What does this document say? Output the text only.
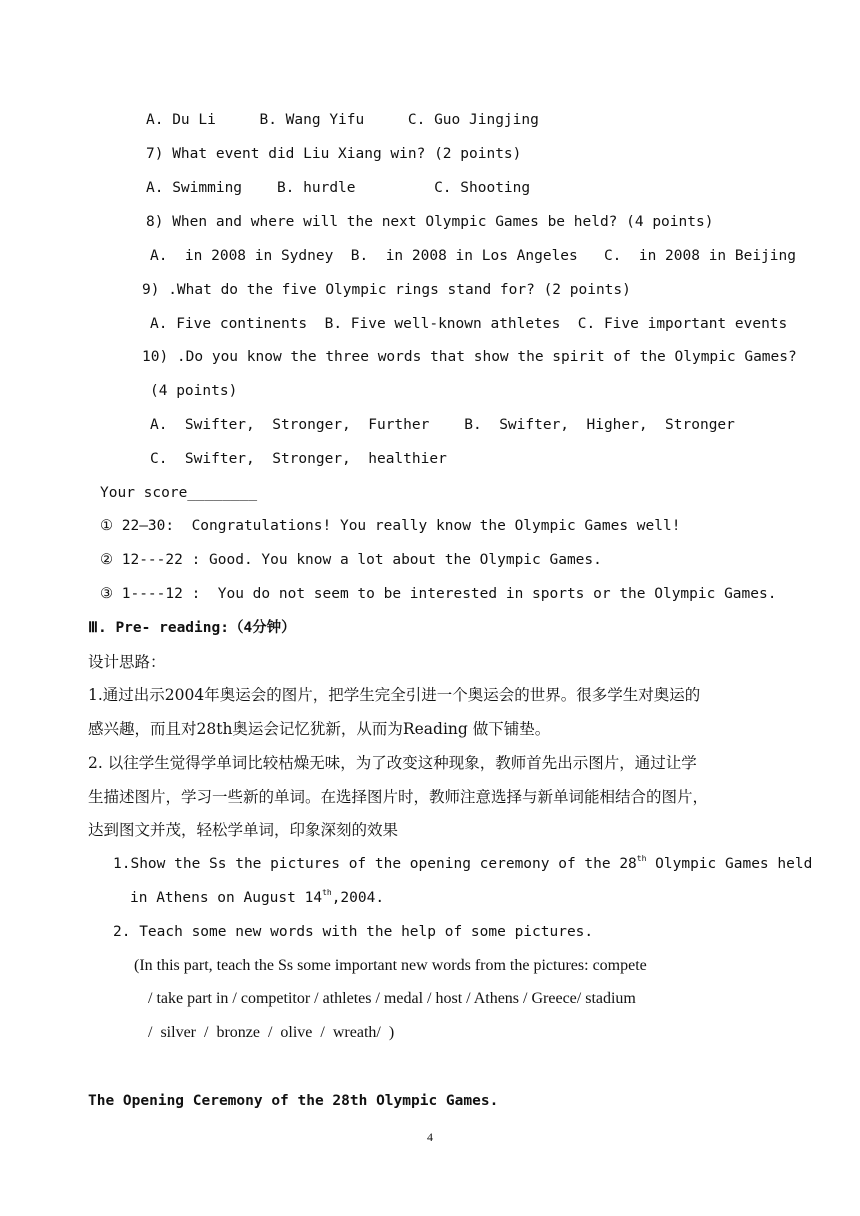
A. Du Li     B. Wang Yifu     C. Guo Jingjing
7) What event did Liu Xiang win? (2 points)
A. Swimming    B. hurdle         C. Shooting
8) When and where will the next Olympic Games be held? (4 points)
A.  in 2008 in Sydney  B.  in 2008 in Los Angeles   C.  in 2008 in Beijing
9) .What do the five Olympic rings stand for? (2 points)
A. Five continents  B. Five well-known athletes  C. Five important events
10) .Do you know the three words that show the spirit of the Olympic Games?
(4 points)
A.  Swifter,  Stronger,  Further    B.  Swifter,  Higher,  Stronger
C.  Swifter,  Stronger,  healthier
Your score________
① 22—30:  Congratulations! You really know the Olympic Games well!
② 12---22 : Good. You know a lot about the Olympic Games.
③ 1----12 :  You do not seem to be interested in sports or the Olympic Games.
Ⅲ. Pre- reading:（4分钟）
设计思路：
1.通过出示2004年奥运会的图片，把学生完全引进一个奥运会的世界。很多学生对奥运的
感兴趣，而且对28th奥运会记忆犹新，从而为Reading 做下铺垫。
2. 以往学生觉得学单词比较枯燥无味，为了改变这种现象，教师首先出示图片，通过让学
生描述图片，学习一些新的单词。在选择图片时，教师注意选择与新单词能相结合的图片，
达到图文并茂，轻松学单词，印象深刻的效果
1.Show the Ss the pictures of the opening ceremony of the 28th Olympic Games held
in Athens on August 14th,2004.
2. Teach some new words with the help of some pictures.
(In this part, teach the Ss some important new words from the pictures: compete
/ take part in / competitor / athletes / medal / host / Athens / Greece/ stadium
/  silver  /  bronze  /  olive  /  wreath/  )
The Opening Ceremony of the 28th Olympic Games.
4
